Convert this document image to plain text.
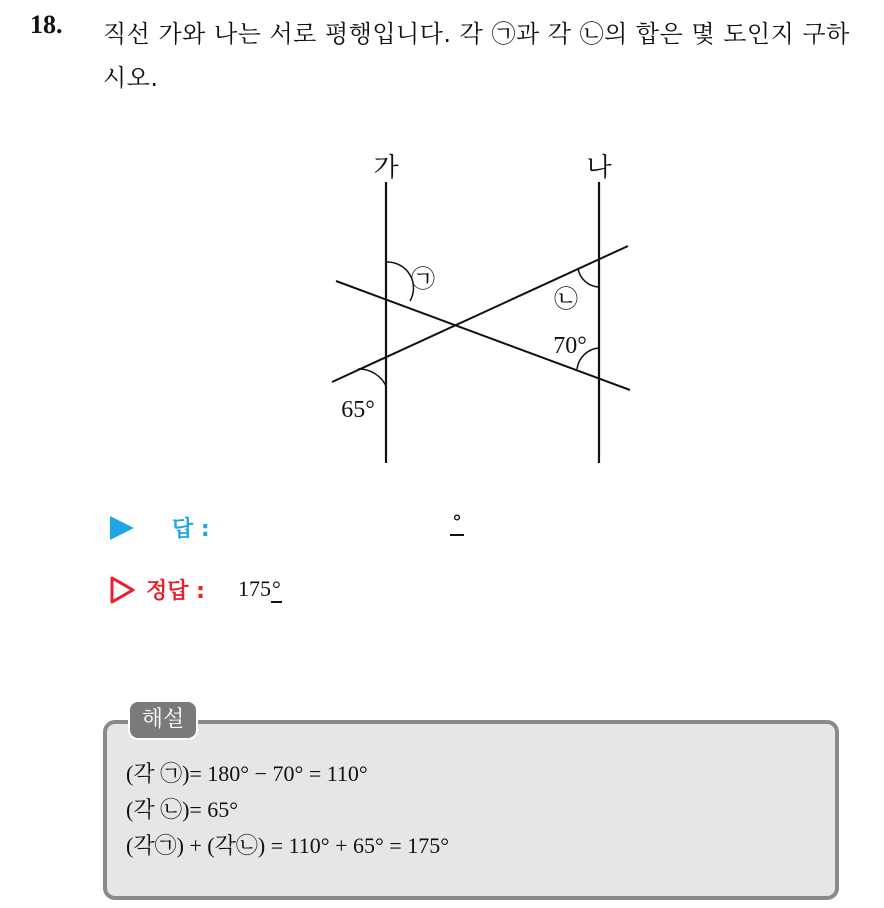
18. 직선 가와 나는 서로 평행입니다. 각 ㉠과 각 ㉡의 합은 몇 도인지 구하시오.
가	나
㉠
㉡
70°
65°
답 :	°
정답 : 175°
해설
(각 ㉠)= 180° − 70° = 110°
(각 ㉡)= 65°
(각㉠) + (각㉡) = 110° + 65° = 175°
